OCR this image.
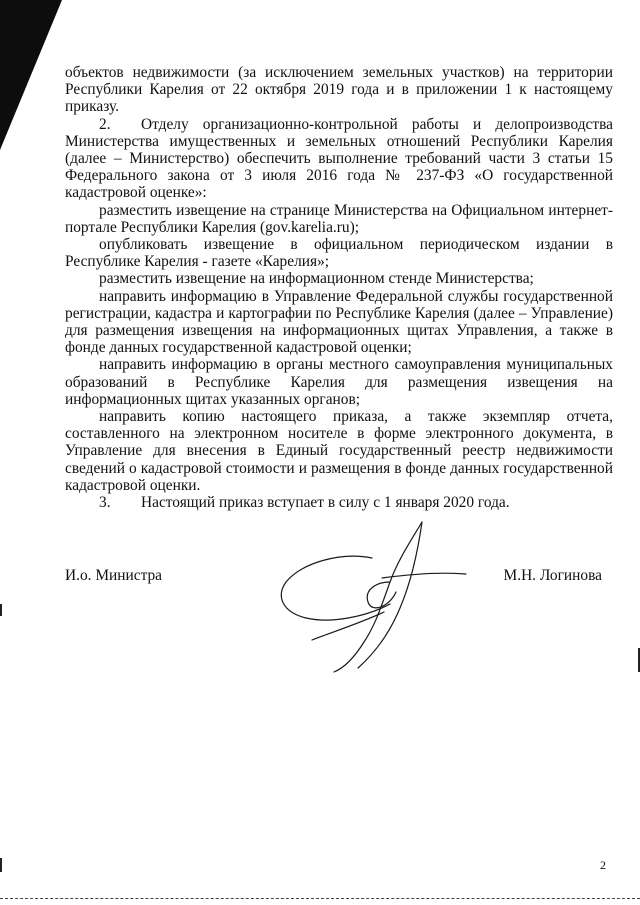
объектов недвижимости (за исключением земельных участков) на территории Республики Карелия от 22 октября 2019 года и в приложении 1 к настоящему приказу.

2. Отделу организационно-контрольной работы и делопроизводства Министерства имущественных и земельных отношений Республики Карелия (далее – Министерство) обеспечить выполнение требований части 3 статьи 15 Федерального закона от 3 июля 2016 года № 237-ФЗ «О государственной кадастровой оценке»:

разместить извещение на странице Министерства на Официальном интернет-портале Республики Карелия (gov.karelia.ru);

опубликовать извещение в официальном периодическом издании в Республике Карелия - газете «Карелия»;

разместить извещение на информационном стенде Министерства;

направить информацию в Управление Федеральной службы государственной регистрации, кадастра и картографии по Республике Карелия (далее – Управление) для размещения извещения на информационных щитах Управления, а также в фонде данных государственной кадастровой оценки;

направить информацию в органы местного самоуправления муниципальных образований в Республике Карелия для размещения извещения на информационных щитах указанных органов;

направить копию настоящего приказа, а также экземпляр отчета, составленного на электронном носителе в форме электронного документа, в Управление для внесения в Единый государственный реестр недвижимости сведений о кадастровой стоимости и размещения в фонде данных государственной кадастровой оценки.

3. Настоящий приказ вступает в силу с 1 января 2020 года.

И.о. Министра	М.Н. Логинова
2
